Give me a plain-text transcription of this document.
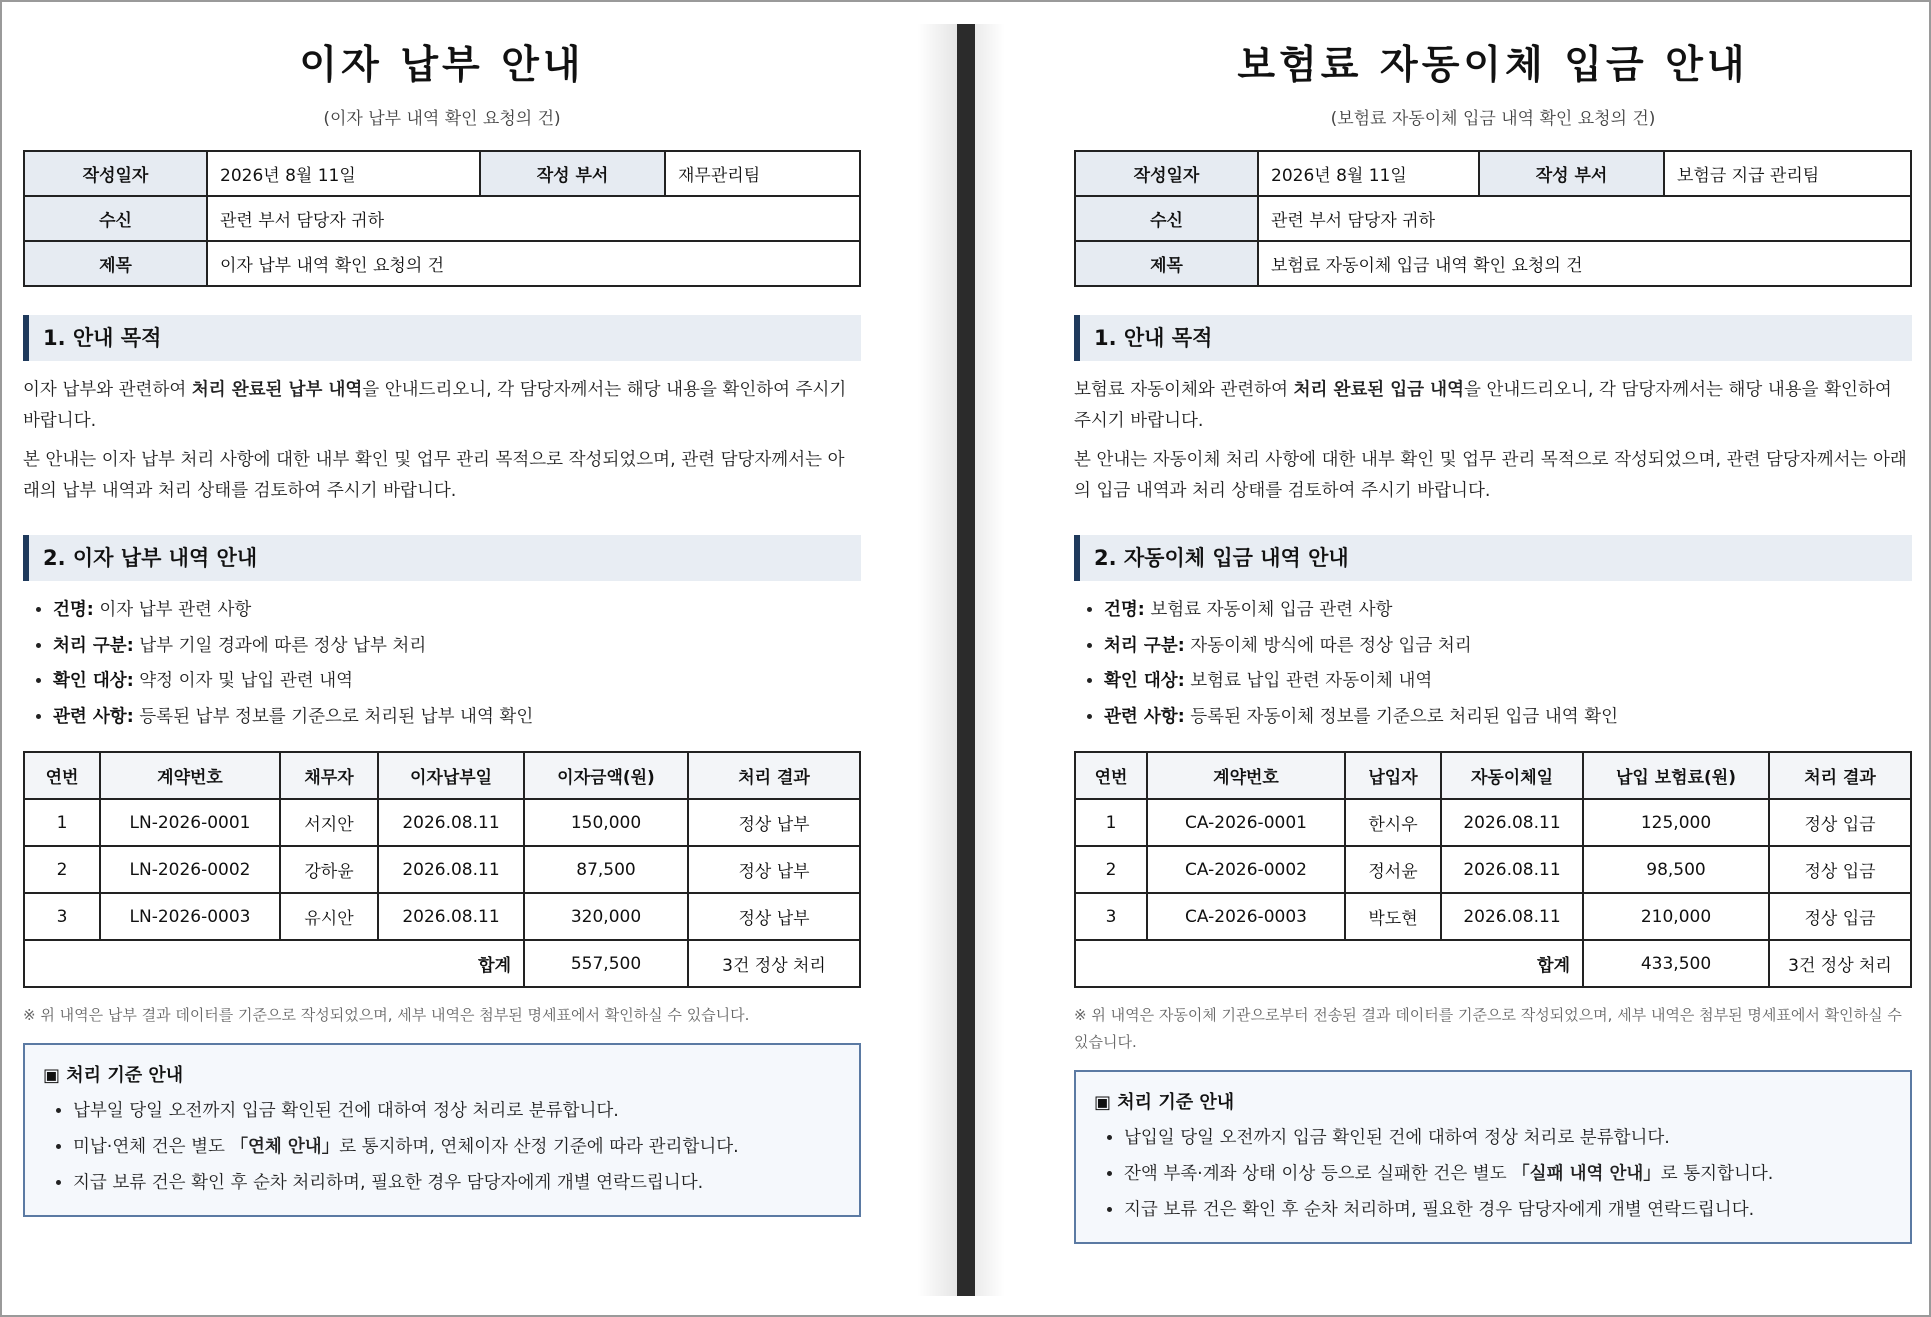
이자 납부 안내
(이자 납부 내역 확인 요청의 건)
작성일자	2026년 8월 11일	작성 부서	재무관리팀
수신	관련 부서 담당자 귀하		
제목	이자 납부 내역 확인 요청의 건		
1. 안내 목적

이자 납부와 관련하여 처리 완료된 납부 내역을 안내드리오니, 각 담당자께서는 해당 내용을 확인하여 주시기 바랍니다.

본 안내는 이자 납부 처리 사항에 대한 내부 확인 및 업무 관리 목적으로 작성되었으며, 관련 담당자께서는 아래의 납부 내역과 처리 상태를 검토하여 주시기 바랍니다.

2. 이자 납부 내역 안내
• 건명: 이자 납부 관련 사항
• 처리 구분: 납부 기일 경과에 따른 정상 납부 처리
• 확인 대상: 약정 이자 및 납입 관련 내역
• 관련 사항: 등록된 납부 정보를 기준으로 처리된 납부 내역 확인
연번	계약번호	채무자	이자납부일	이자금액(원)	처리 결과
1	LN-2026-0001	서지안	2026.08.11	150,000	정상 납부
2	LN-2026-0002	강하윤	2026.08.11	87,500	정상 납부
3	LN-2026-0003	유시안	2026.08.11	320,000	정상 납부
합계				557,500	3건 정상 처리
※ 위 내역은 납부 결과 데이터를 기준으로 작성되었으며, 세부 내역은 첨부된 명세표에서 확인하실 수 있습니다.
▣ 처리 기준 안내
• 납부일 당일 오전까지 입금 확인된 건에 대하여 정상 처리로 분류합니다.
• 미납·연체 건은 별도 「연체 안내」로 통지하며, 연체이자 산정 기준에 따라 관리합니다.
• 지급 보류 건은 확인 후 순차 처리하며, 필요한 경우 담당자에게 개별 연락드립니다.
보험료 자동이체 입금 안내
(보험료 자동이체 입금 내역 확인 요청의 건)
작성일자	2026년 8월 11일	작성 부서	보험금 지급 관리팀
수신	관련 부서 담당자 귀하		
제목	보험료 자동이체 입금 내역 확인 요청의 건		
1. 안내 목적

보험료 자동이체와 관련하여 처리 완료된 입금 내역을 안내드리오니, 각 담당자께서는 해당 내용을 확인하여 주시기 바랍니다.

본 안내는 자동이체 처리 사항에 대한 내부 확인 및 업무 관리 목적으로 작성되었으며, 관련 담당자께서는 아래의 입금 내역과 처리 상태를 검토하여 주시기 바랍니다.

2. 자동이체 입금 내역 안내
• 건명: 보험료 자동이체 입금 관련 사항
• 처리 구분: 자동이체 방식에 따른 정상 입금 처리
• 확인 대상: 보험료 납입 관련 자동이체 내역
• 관련 사항: 등록된 자동이체 정보를 기준으로 처리된 입금 내역 확인
연번	계약번호	납입자	자동이체일	납입 보험료(원)	처리 결과
1	CA-2026-0001	한시우	2026.08.11	125,000	정상 입금
2	CA-2026-0002	정서윤	2026.08.11	98,500	정상 입금
3	CA-2026-0003	박도현	2026.08.11	210,000	정상 입금
합계				433,500	3건 정상 처리
※ 위 내역은 자동이체 기관으로부터 전송된 결과 데이터를 기준으로 작성되었으며, 세부 내역은 첨부된 명세표에서 확인하실 수 있습니다.
▣ 처리 기준 안내
• 납입일 당일 오전까지 입금 확인된 건에 대하여 정상 처리로 분류합니다.
• 잔액 부족·계좌 상태 이상 등으로 실패한 건은 별도 「실패 내역 안내」로 통지합니다.
• 지급 보류 건은 확인 후 순차 처리하며, 필요한 경우 담당자에게 개별 연락드립니다.
